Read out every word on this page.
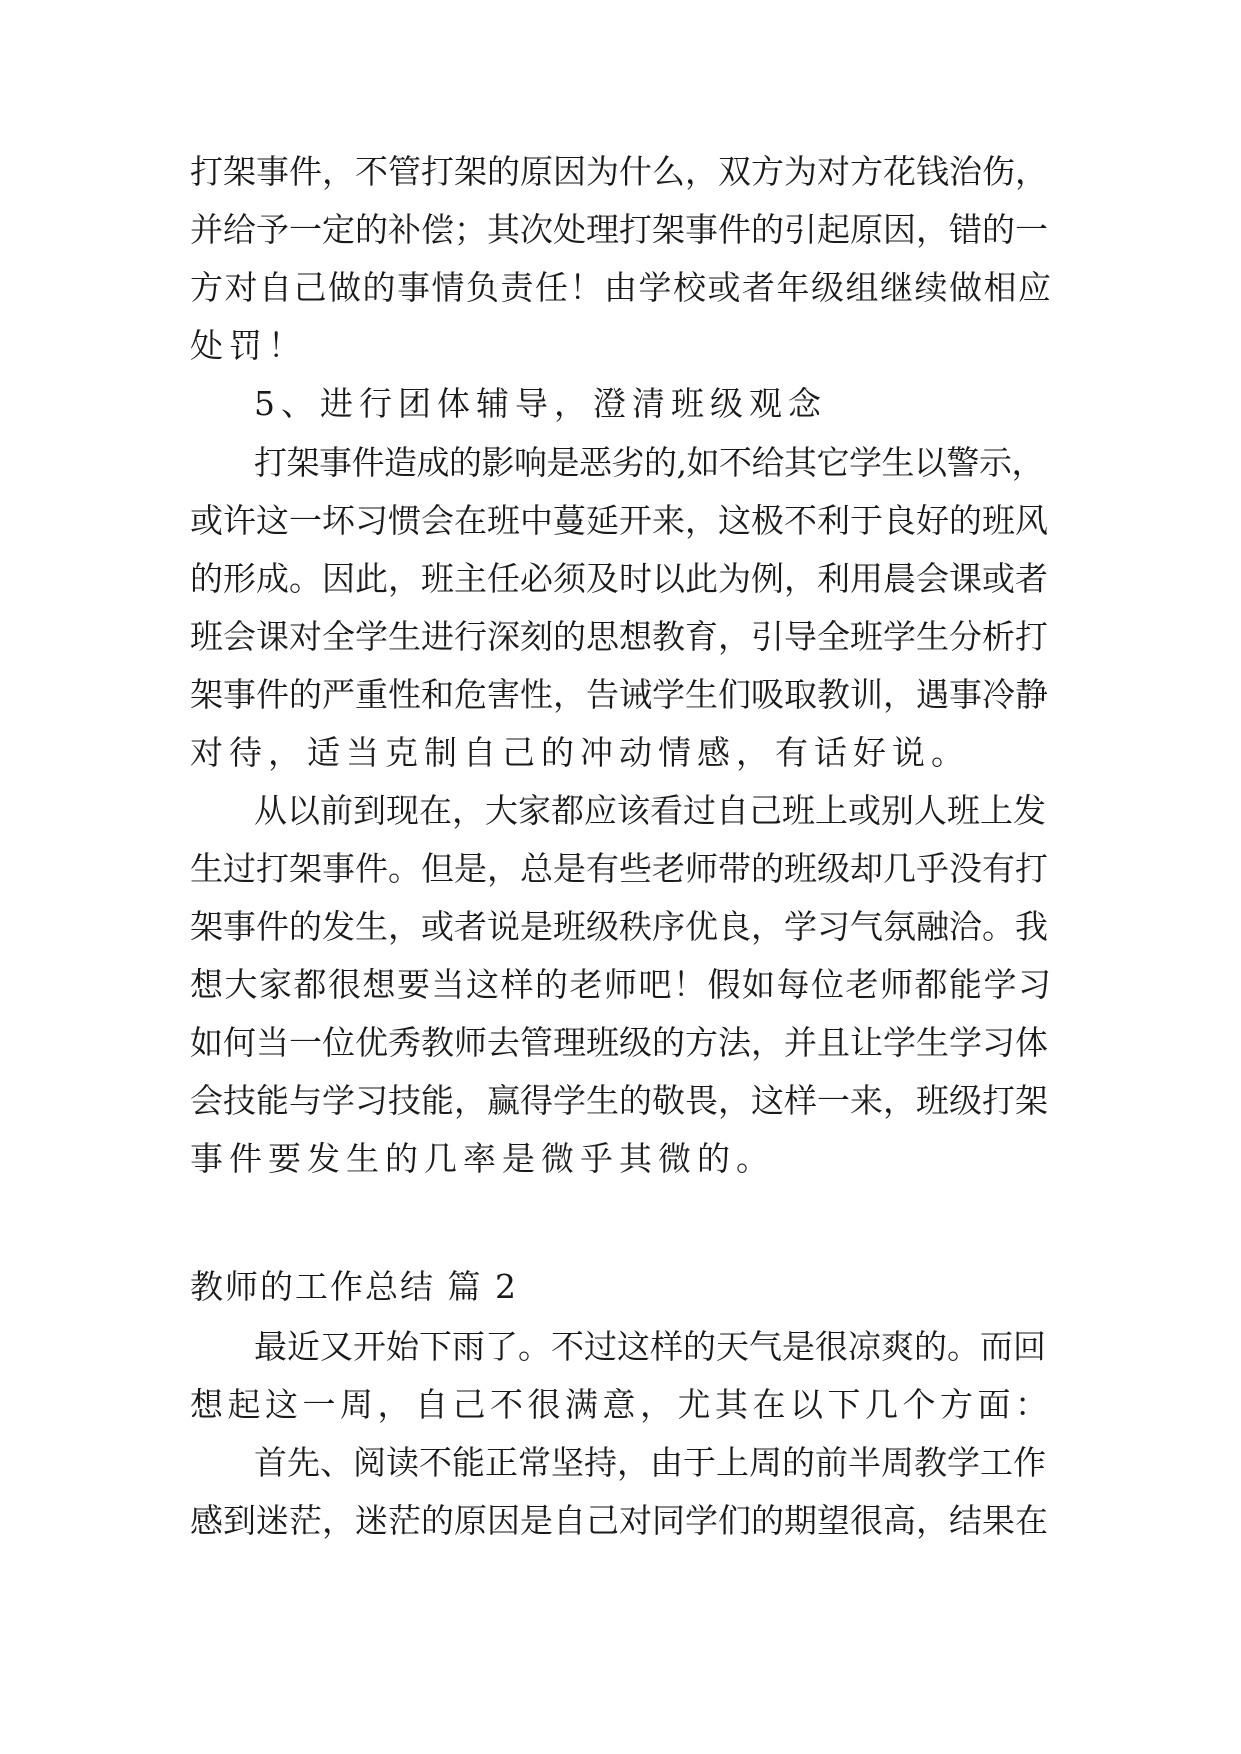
打架事件，不管打架的原因为什么，双方为对方花钱治伤，
并给予一定的补偿；其次处理打架事件的引起原因，错的一
方对自己做的事情负责任！由学校或者年级组继续做相应
处罚！
5、进行团体辅导，澄清班级观念
打架事件造成的影响是恶劣的,如不给其它学生以警示，
或许这一坏习惯会在班中蔓延开来，这极不利于良好的班风
的形成。因此，班主任必须及时以此为例，利用晨会课或者
班会课对全学生进行深刻的思想教育，引导全班学生分析打
架事件的严重性和危害性，告诫学生们吸取教训，遇事冷静
对待，适当克制自己的冲动情感，有话好说。
从以前到现在，大家都应该看过自己班上或别人班上发
生过打架事件。但是，总是有些老师带的班级却几乎没有打
架事件的发生，或者说是班级秩序优良，学习气氛融洽。我
想大家都很想要当这样的老师吧！假如每位老师都能学习
如何当一位优秀教师去管理班级的方法，并且让学生学习体
会技能与学习技能，赢得学生的敬畏，这样一来，班级打架
事件要发生的几率是微乎其微的。
教师的工作总结 篇 2
最近又开始下雨了。不过这样的天气是很凉爽的。而回
想起这一周，自己不很满意，尤其在以下几个方面：
首先、阅读不能正常坚持，由于上周的前半周教学工作
感到迷茫，迷茫的原因是自己对同学们的期望很高，结果在
